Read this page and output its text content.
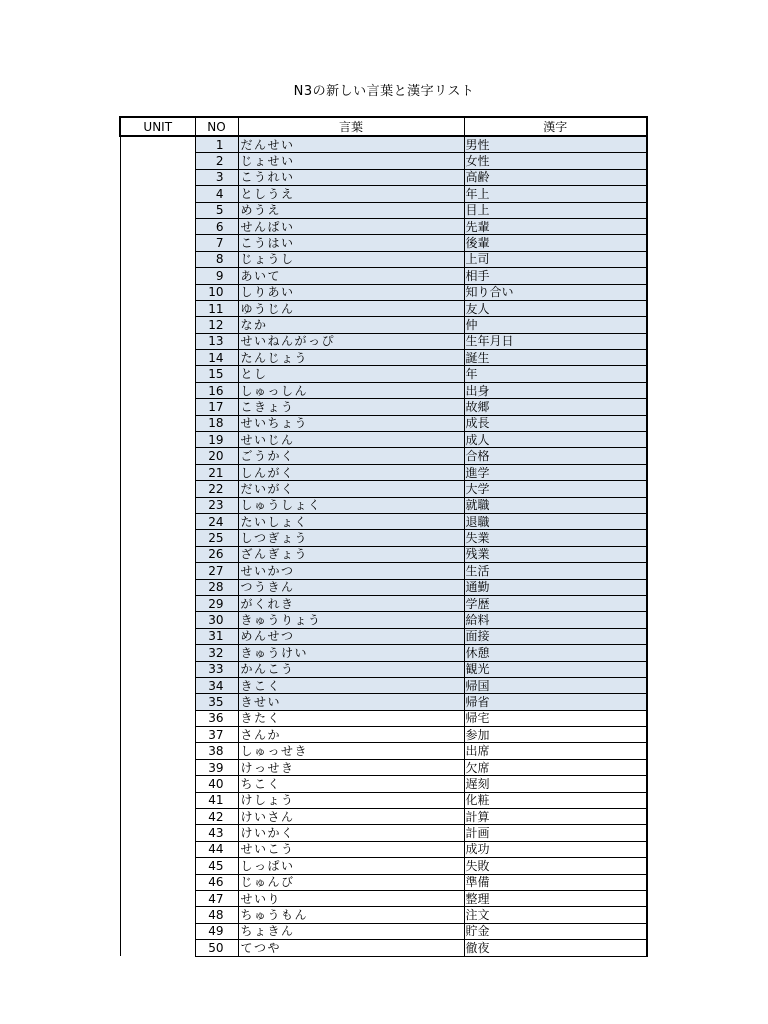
N3の新しい言葉と漢字リスト
UNIT	NO	言葉	漢字
	1	だんせい	男性
	2	じょせい	女性
	3	こうれい	高齢
	4	としうえ	年上
	5	めうえ	目上
	6	せんぱい	先輩
	7	こうはい	後輩
	8	じょうし	上司
	9	あいて	相手
	10	しりあい	知り合い
	11	ゆうじん	友人
	12	なか	仲
	13	せいねんがっぴ	生年月日
	14	たんじょう	誕生
	15	とし	年
	16	しゅっしん	出身
	17	こきょう	故郷
	18	せいちょう	成長
	19	せいじん	成人
	20	ごうかく	合格
	21	しんがく	進学
	22	だいがく	大学
	23	しゅうしょく	就職
	24	たいしょく	退職
	25	しつぎょう	失業
	26	ざんぎょう	残業
	27	せいかつ	生活
	28	つうきん	通勤
	29	がくれき	学歴
	30	きゅうりょう	給料
	31	めんせつ	面接
	32	きゅうけい	休憩
	33	かんこう	観光
	34	きこく	帰国
	35	きせい	帰省
	36	きたく	帰宅
	37	さんか	参加
	38	しゅっせき	出席
	39	けっせき	欠席
	40	ちこく	遅刻
	41	けしょう	化粧
	42	けいさん	計算
	43	けいかく	計画
	44	せいこう	成功
	45	しっぱい	失敗
	46	じゅんび	準備
	47	せいり	整理
	48	ちゅうもん	注文
	49	ちょきん	貯金
	50	てつや	徹夜
